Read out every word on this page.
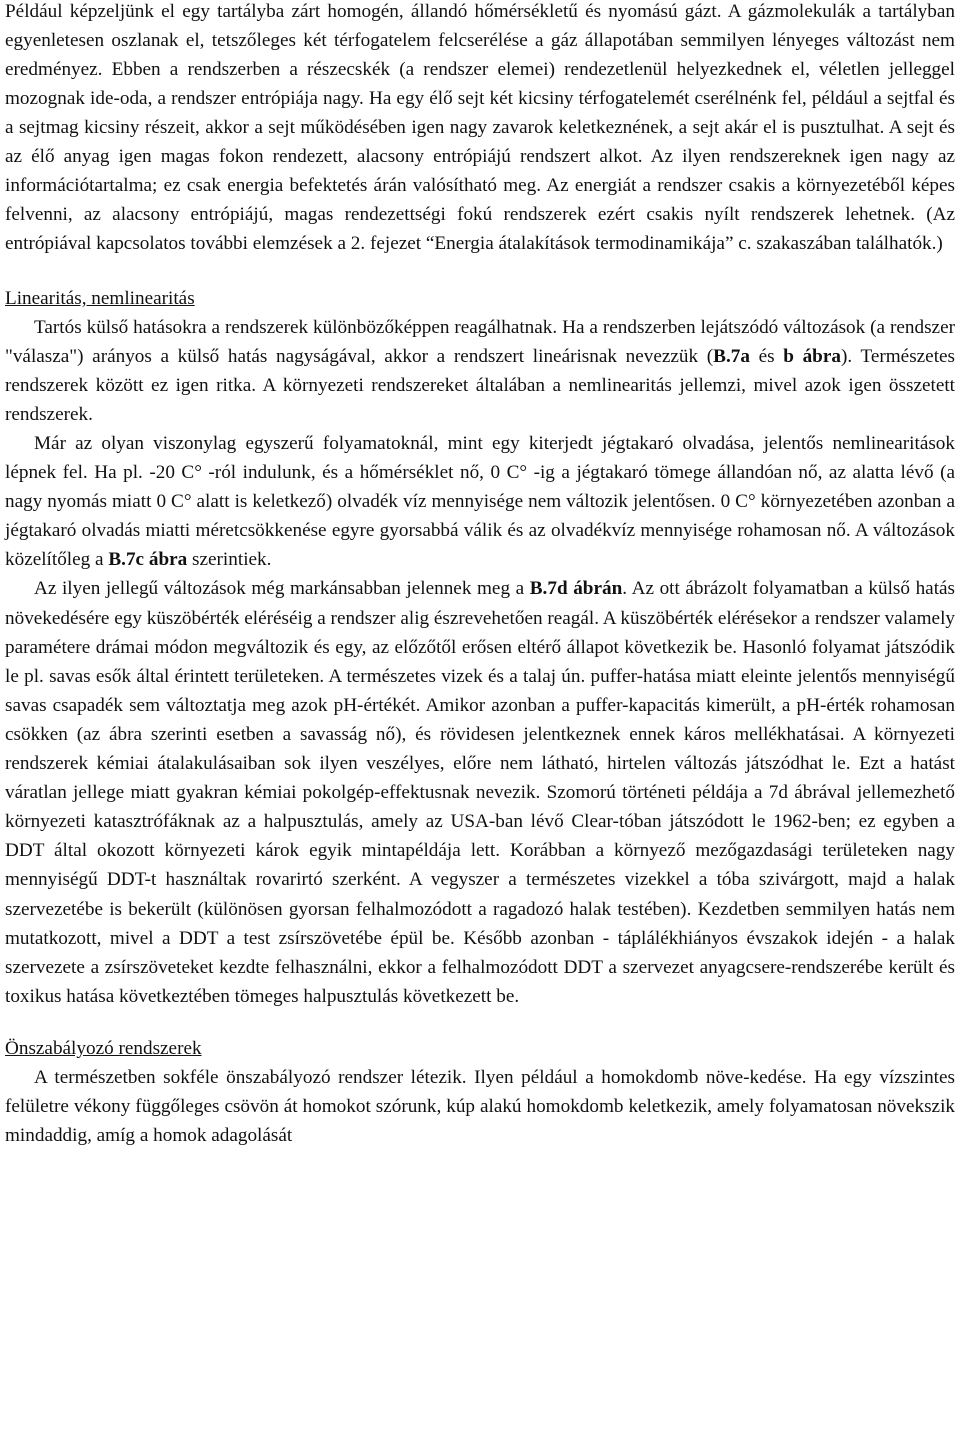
Például képzeljünk el egy tartályba zárt homogén, állandó hőmérsékletű és nyomású gázt. A gázmolekulák a tartályban egyenletesen oszlanak el, tetszőleges két térfogatelem felcserélése a gáz állapotában semmilyen lényeges változást nem eredményez. Ebben a rendszerben a részecskék (a rendszer elemei) rendezetlenül helyezkednek el, véletlen jelleggel mozognak ide-oda, a rendszer entrópiája nagy. Ha egy élő sejt két kicsiny térfogatelemét cserélnénk fel, például a sejtfal és a sejtmag kicsiny részeit, akkor a sejt működésében igen nagy zavarok keletkeznének, a sejt akár el is pusztulhat. A sejt és az élő anyag igen magas fokon rendezett, alacsony entrópiájú rendszert alkot. Az ilyen rendszereknek igen nagy az információtartalma; ez csak energia befektetés árán valósítható meg. Az energiát a rendszer csakis a környezetéből képes felvenni, az alacsony entrópiájú, magas rendezettségi fokú rendszerek ezért csakis nyílt rendszerek lehetnek. (Az entrópiával kapcsolatos további elemzések a 2. fejezet “Energia átalakítások termodinamikája” c. szakaszában találhatók.)

Linearitás, nemlinearitás

Tartós külső hatásokra a rendszerek különbözőképpen reagálhatnak. Ha a rendszerben lejátszódó változások (a rendszer "válasza") arányos a külső hatás nagyságával, akkor a rendszert lineárisnak nevezzük (B.7a és b ábra). Természetes rendszerek között ez igen ritka. A környezeti rendszereket általában a nemlinearitás jellemzi, mivel azok igen összetett rendszerek.

Már az olyan viszonylag egyszerű folyamatoknál, mint egy kiterjedt jégtakaró olvadása, jelentős nemlinearitások lépnek fel. Ha pl. -20 C° -ról indulunk, és a hőmérséklet nő, 0 C° -ig a jégtakaró tömege állandóan nő, az alatta lévő (a nagy nyomás miatt 0 C° alatt is keletkező) olvadék víz mennyisége nem változik jelentősen. 0 C° környezetében azonban a jégtakaró olvadás miatti méretcsökkenése egyre gyorsabbá válik és az olvadékvíz mennyisége rohamosan nő. A változások közelítőleg a B.7c ábra szerintiek.

Az ilyen jellegű változások még markánsabban jelennek meg a B.7d ábrán. Az ott ábrázolt folyamatban a külső hatás növekedésére egy küszöbérték eléréséig a rendszer alig észrevehetően reagál. A küszöbérték elérésekor a rendszer valamely paramétere drámai módon megváltozik és egy, az előzőtől erősen eltérő állapot következik be. Hasonló folyamat játszódik le pl. savas esők által érintett területeken. A természetes vizek és a talaj ún. puffer-hatása miatt eleinte jelentős mennyiségű savas csapadék sem változtatja meg azok pH-értékét. Amikor azonban a puffer-kapacitás kimerült, a pH-érték rohamosan csökken (az ábra szerinti esetben a savasság nő), és rövidesen jelentkeznek ennek káros mellékhatásai. A környezeti rendszerek kémiai átalakulásaiban sok ilyen veszélyes, előre nem látható, hirtelen változás játszódhat le. Ezt a hatást váratlan jellege miatt gyakran kémiai pokolgép-effektusnak nevezik. Szomorú történeti példája a 7d ábrával jellemezhető környezeti katasztrófáknak az a halpusztulás, amely az USA-ban lévő Clear-tóban játszódott le 1962-ben; ez egyben a DDT által okozott környezeti károk egyik mintapéldája lett. Korábban a környező mezőgazdasági területeken nagy mennyiségű DDT-t használtak rovarirtó szerként. A vegyszer a természetes vizekkel a tóba szivárgott, majd a halak szervezetébe is bekerült (különösen gyorsan felhalmozódott a ragadozó halak testében). Kezdetben semmilyen hatás nem mutatkozott, mivel a DDT a test zsírszövetébe épül be. Később azonban - táplálékhiányos évszakok idején - a halak szervezete a zsírszöveteket kezdte felhasználni, ekkor a felhalmozódott DDT a szervezet anyagcsere-rendszerébe került és toxikus hatása következtében tömeges halpusztulás következett be.

Önszabályozó rendszerek

A természetben sokféle önszabályozó rendszer létezik. Ilyen például a homokdomb növe-kedése. Ha egy vízszintes felületre vékony függőleges csövön át homokot szórunk, kúp alakú homokdomb keletkezik, amely folyamatosan növekszik mindaddig, amíg a homok adagolását
